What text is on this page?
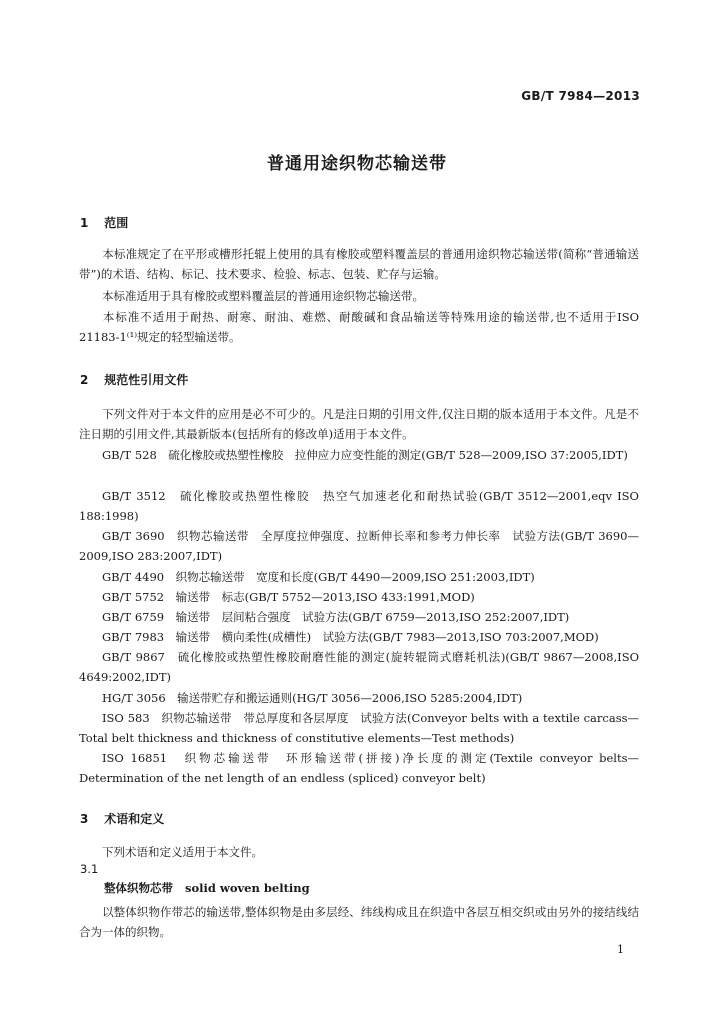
GB/T 7984—2013
普通用途织物芯输送带
1 范围
本标准规定了在平形或槽形托辊上使用的具有橡胶或塑料覆盖层的普通用途织物芯输送带(简称“普通输送带”)的术语、结构、标记、技术要求、检验、标志、包装、贮存与运输。
本标准适用于具有橡胶或塑料覆盖层的普通用途织物芯输送带。
本标准不适用于耐热、耐寒、耐油、难燃、耐酸碱和食品输送等特殊用途的输送带,也不适用于ISO 21183-1⁽¹⁾规定的轻型输送带。
2 规范性引用文件
下列文件对于本文件的应用是必不可少的。凡是注日期的引用文件,仅注日期的版本适用于本文件。凡是不注日期的引用文件,其最新版本(包括所有的修改单)适用于本文件。
GB/T 528　硫化橡胶或热塑性橡胶　拉伸应力应变性能的测定(GB/T 528—2009,ISO 37:2005,IDT)
GB/T 3512　硫化橡胶或热塑性橡胶　热空气加速老化和耐热试验(GB/T 3512—2001,eqv ISO 188:1998)
GB/T 3690　织物芯输送带　全厚度拉伸强度、拉断伸长率和参考力伸长率　试验方法(GB/T 3690—2009,ISO 283:2007,IDT)
GB/T 4490　织物芯输送带　宽度和长度(GB/T 4490—2009,ISO 251:2003,IDT)
GB/T 5752　输送带　标志(GB/T 5752—2013,ISO 433:1991,MOD)
GB/T 6759　输送带　层间粘合强度　试验方法(GB/T 6759—2013,ISO 252:2007,IDT)
GB/T 7983　输送带　横向柔性(成槽性)　试验方法(GB/T 7983—2013,ISO 703:2007,MOD)
GB/T 9867　硫化橡胶或热塑性橡胶耐磨性能的测定(旋转辊筒式磨耗机法)(GB/T 9867—2008,ISO 4649:2002,IDT)
HG/T 3056　输送带贮存和搬运通则(HG/T 3056—2006,ISO 5285:2004,IDT)
ISO 583　织物芯输送带　带总厚度和各层厚度　试验方法(Conveyor belts with a textile carcass—Total belt thickness and thickness of constitutive elements—Test methods)
ISO 16851　织物芯输送带　环形输送带(拼接)净长度的测定(Textile conveyor belts—Determination of the net length of an endless (spliced) conveyor belt)
3 术语和定义
下列术语和定义适用于本文件。
3.1
整体织物芯带 solid woven belting
以整体织物作带芯的输送带,整体织物是由多层经、纬线构成且在织造中各层互相交织或由另外的接结线结合为一体的织物。
1
